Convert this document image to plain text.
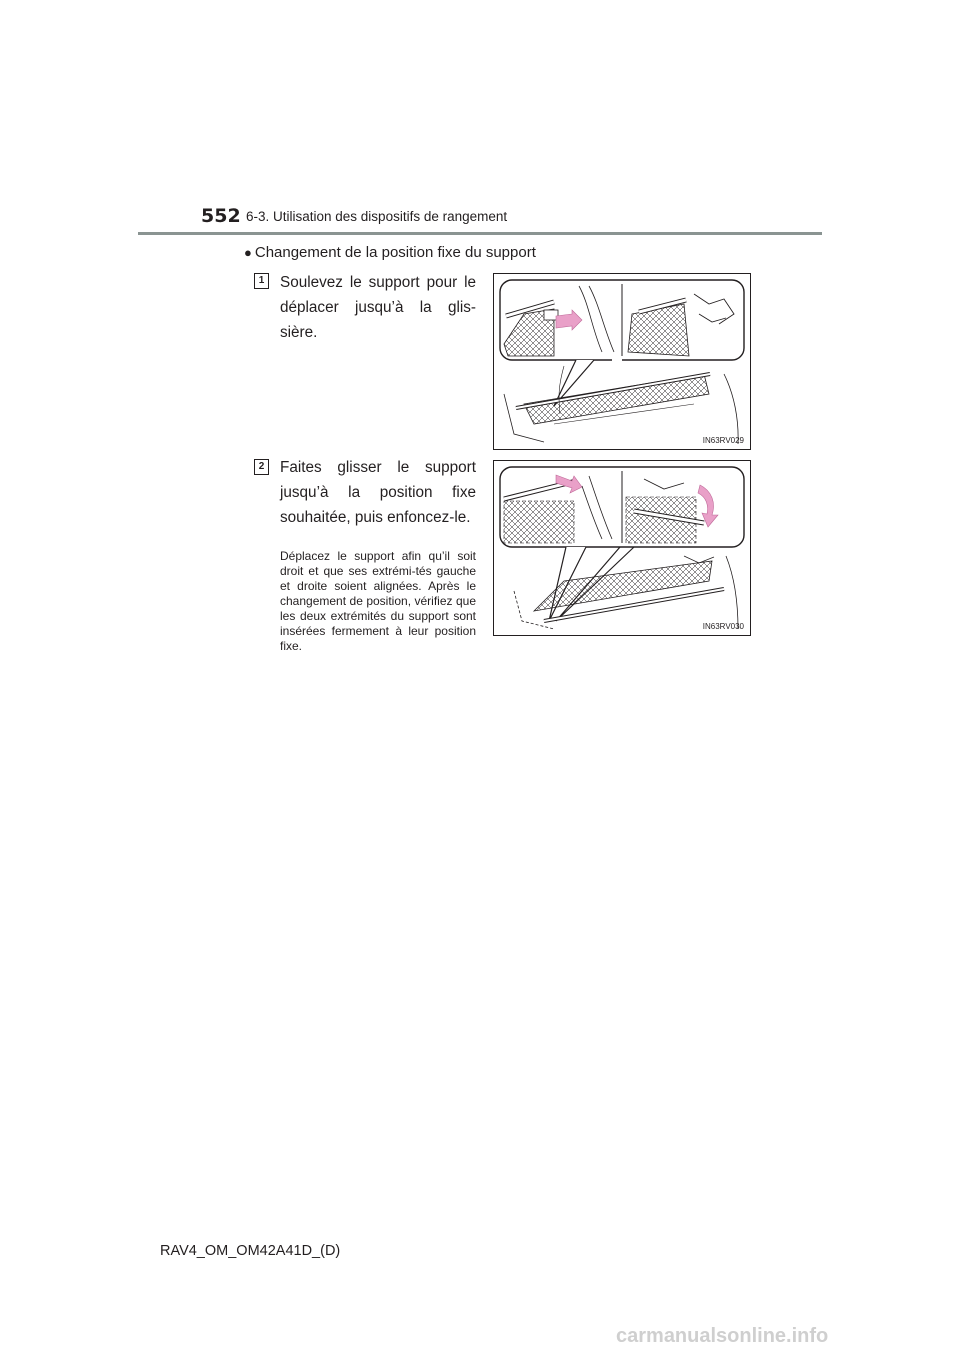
552 6-3. Utilisation des dispositifs de rangement
● Changement de la position fixe du support
1	Soulevez le support pour le déplacer jusqu’à la glis-sière.
IN63RV029
2	Faites glisser le support jusqu’à la position fixe souhaitée, puis enfoncez-le.
Déplacez le support afin qu’il soit droit et que ses extrémi-tés gauche et droite soient alignées. Après le changement de position, vérifiez que les deux extrémités du support sont insérées fermement à leur position fixe.
IN63RV030
RAV4_OM_OM42A41D_(D)
carmanualsonline.info
